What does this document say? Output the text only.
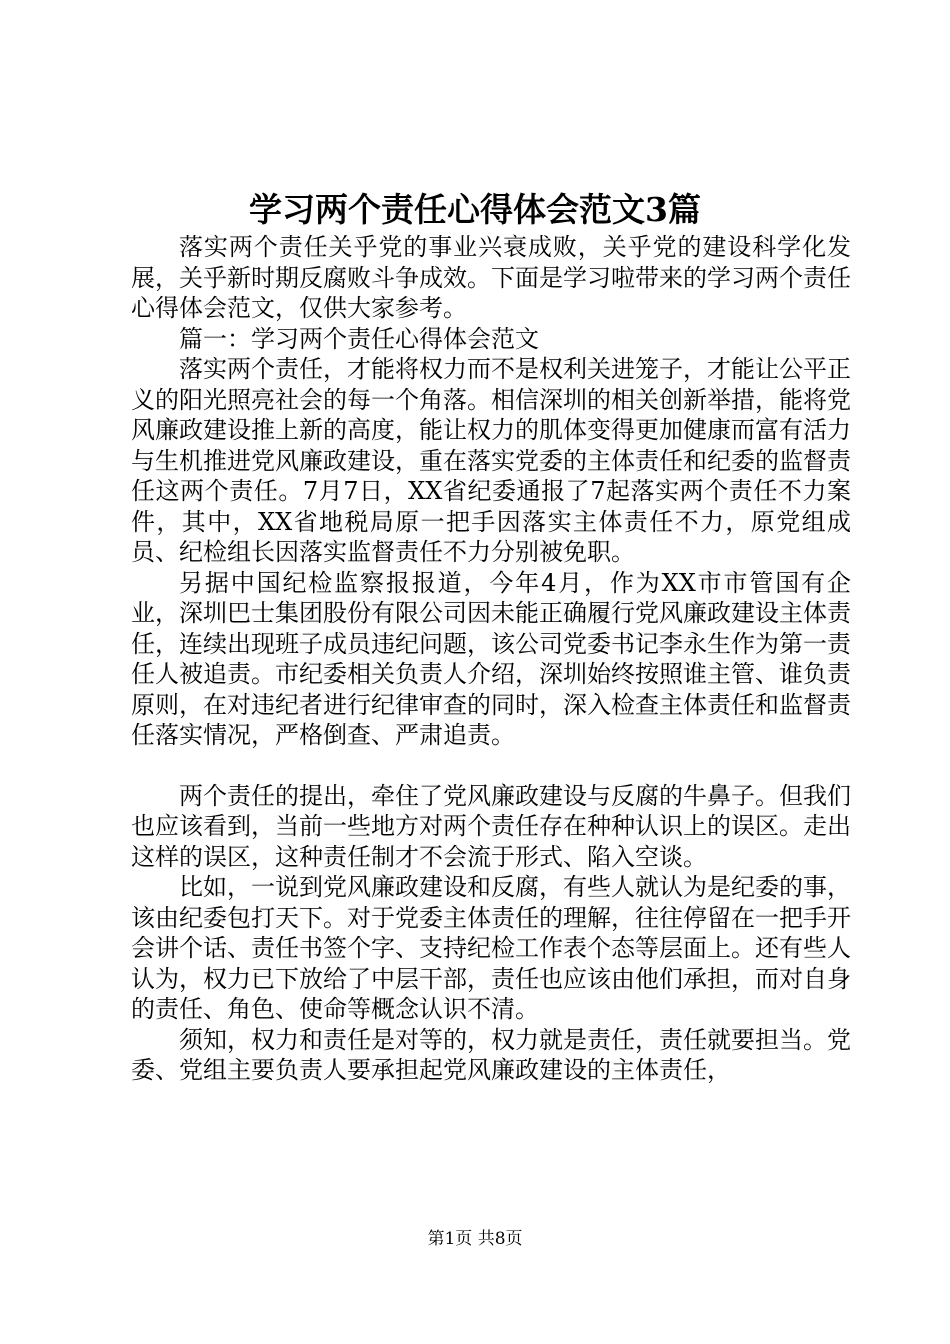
学习两个责任心得体会范文3篇

落实两个责任关乎党的事业兴衰成败，关乎党的建设科学化发展，关乎新时期反腐败斗争成效。下面是学习啦带来的学习两个责任心得体会范文，仅供大家参考。

篇一：学习两个责任心得体会范文

落实两个责任，才能将权力而不是权利关进笼子，才能让公平正义的阳光照亮社会的每一个角落。相信深圳的相关创新举措，能将党风廉政建设推上新的高度，能让权力的肌体变得更加健康而富有活力与生机推进党风廉政建设，重在落实党委的主体责任和纪委的监督责任这两个责任。7月7日，XX省纪委通报了7起落实两个责任不力案件，其中，XX省地税局原一把手因落实主体责任不力，原党组成员、纪检组长因落实监督责任不力分别被免职。

另据中国纪检监察报报道，今年4月，作为XX市市管国有企业，深圳巴士集团股份有限公司因未能正确履行党风廉政建设主体责任，连续出现班子成员违纪问题，该公司党委书记李永生作为第一责任人被追责。市纪委相关负责人介绍，深圳始终按照谁主管、谁负责原则，在对违纪者进行纪律审查的同时，深入检查主体责任和监督责任落实情况，严格倒查、严肃追责。

两个责任的提出，牵住了党风廉政建设与反腐的牛鼻子。但我们也应该看到，当前一些地方对两个责任存在种种认识上的误区。走出这样的误区，这种责任制才不会流于形式、陷入空谈。

比如，一说到党风廉政建设和反腐，有些人就认为是纪委的事，该由纪委包打天下。对于党委主体责任的理解，往往停留在一把手开会讲个话、责任书签个字、支持纪检工作表个态等层面上。还有些人认为，权力已下放给了中层干部，责任也应该由他们承担，而对自身的责任、角色、使命等概念认识不清。

须知，权力和责任是对等的，权力就是责任，责任就要担当。党委、党组主要负责人要承担起党风廉政建设的主体责任，

第1页 共8页
